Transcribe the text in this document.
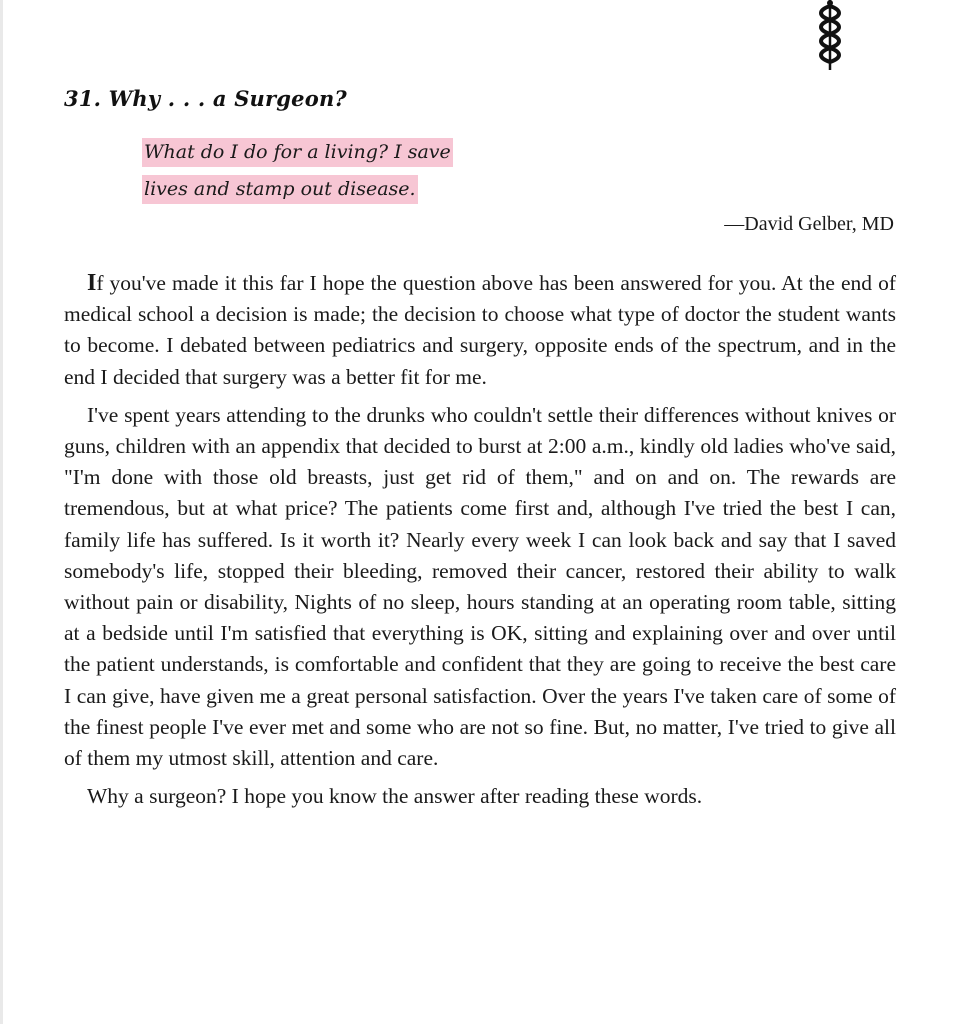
31. Why . . . a Surgeon?
What do I do for a living? I save
lives and stamp out disease.
—David Gelber, MD

If you've made it this far I hope the question above has been answered for you. At the end of medical school a decision is made; the decision to choose what type of doctor the student wants to become. I debated between pediatrics and surgery, opposite ends of the spectrum, and in the end I decided that surgery was a better fit for me.

I've spent years attending to the drunks who couldn't settle their differences without knives or guns, children with an appendix that decided to burst at 2:00 a.m., kindly old ladies who've said, "I'm done with those old breasts, just get rid of them," and on and on. The rewards are tremendous, but at what price? The patients come first and, although I've tried the best I can, family life has suffered. Is it worth it? Nearly every week I can look back and say that I saved somebody's life, stopped their bleeding, removed their cancer, restored their ability to walk without pain or disability, Nights of no sleep, hours standing at an operating room table, sitting at a bedside until I'm satisfied that everything is OK, sitting and explaining over and over until the patient understands, is comfortable and confident that they are going to receive the best care I can give, have given me a great personal satisfaction. Over the years I've taken care of some of the finest people I've ever met and some who are not so fine. But, no matter, I've tried to give all of them my utmost skill, attention and care.

Why a surgeon? I hope you know the answer after reading these words.
